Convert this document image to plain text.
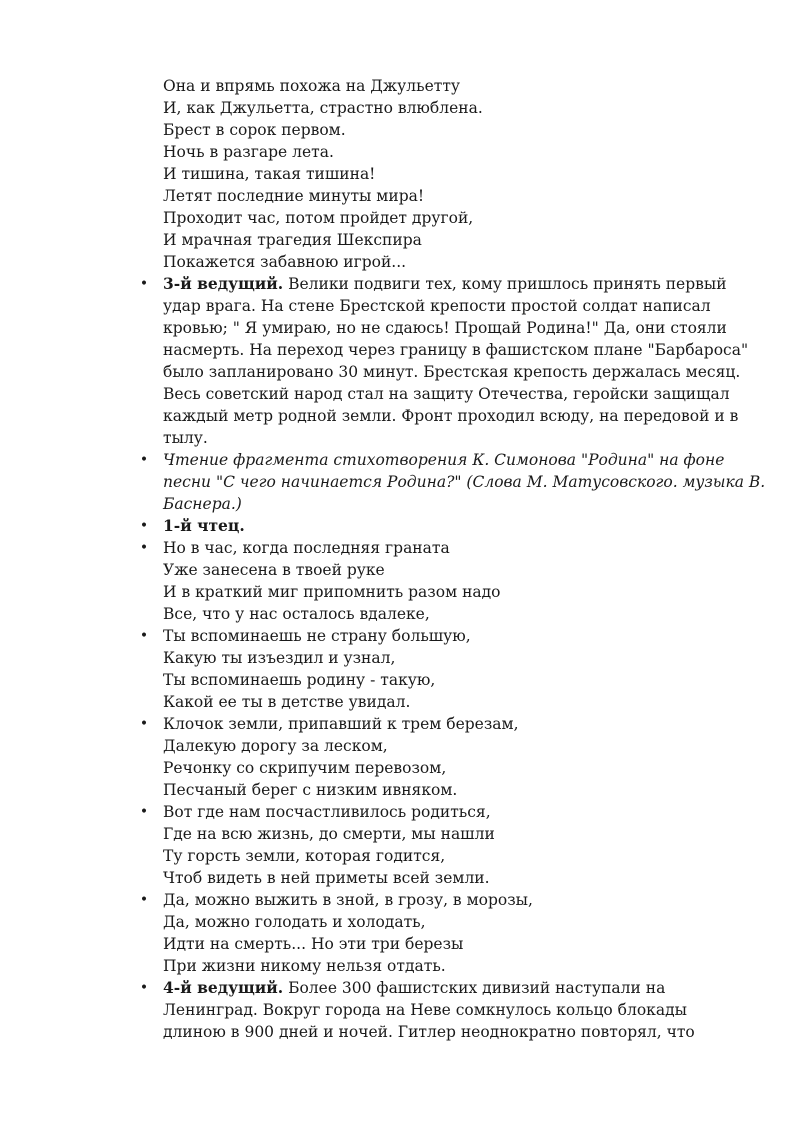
Она и впрямь похожа на Джульетту
И, как Джульетта, страстно влюблена.
Брест в сорок первом.
Ночь в разгаре лета.
И тишина, такая тишина!
Летят последние минуты мира!
Проходит час, потом пройдет другой,
И мрачная трагедия Шекспира
Покажется забавною игрой...
• 3-й ведущий. Велики подвиги тех, кому пришлось принять первый
удар врага. На стене Брестской крепости простой солдат написал
кровью; " Я умираю, но не сдаюсь! Прощай Родина!" Да, они стояли
насмерть. На переход через границу в фашистском плане "Барбароса"
было запланировано 30 минут. Брестская крепость держалась месяц.
Весь советский народ стал на защиту Отечества, геройски защищал
каждый метр родной земли. Фронт проходил всюду, на передовой и в
тылу.
• Чтение фрагмента стихотворения К. Симонова "Родина" на фоне
песни "С чего начинается Родина?" (Слова М. Матусовского. музыка В.
Баснера.)
• 1-й чтец.
• Но в час, когда последняя граната
Уже занесена в твоей руке
И в краткий миг припомнить разом надо
Все, что у нас осталось вдалеке,
• Ты вспоминаешь не страну большую,
Какую ты изъездил и узнал,
Ты вспоминаешь родину - такую,
Какой ее ты в детстве увидал.
• Клочок земли, припавший к трем березам,
Далекую дорогу за леском,
Речонку со скрипучим перевозом,
Песчаный берег с низким ивняком.
• Вот где нам посчастливилось родиться,
Где на всю жизнь, до смерти, мы нашли
Ту горсть земли, которая годится,
Чтоб видеть в ней приметы всей земли.
• Да, можно выжить в зной, в грозу, в морозы,
Да, можно голодать и холодать,
Идти на смерть... Но эти три березы
При жизни никому нельзя отдать.
• 4-й ведущий. Более 300 фашистских дивизий наступали на
Ленинград. Вокруг города на Неве сомкнулось кольцо блокады
длиною в 900 дней и ночей. Гитлер неоднократно повторял, что
